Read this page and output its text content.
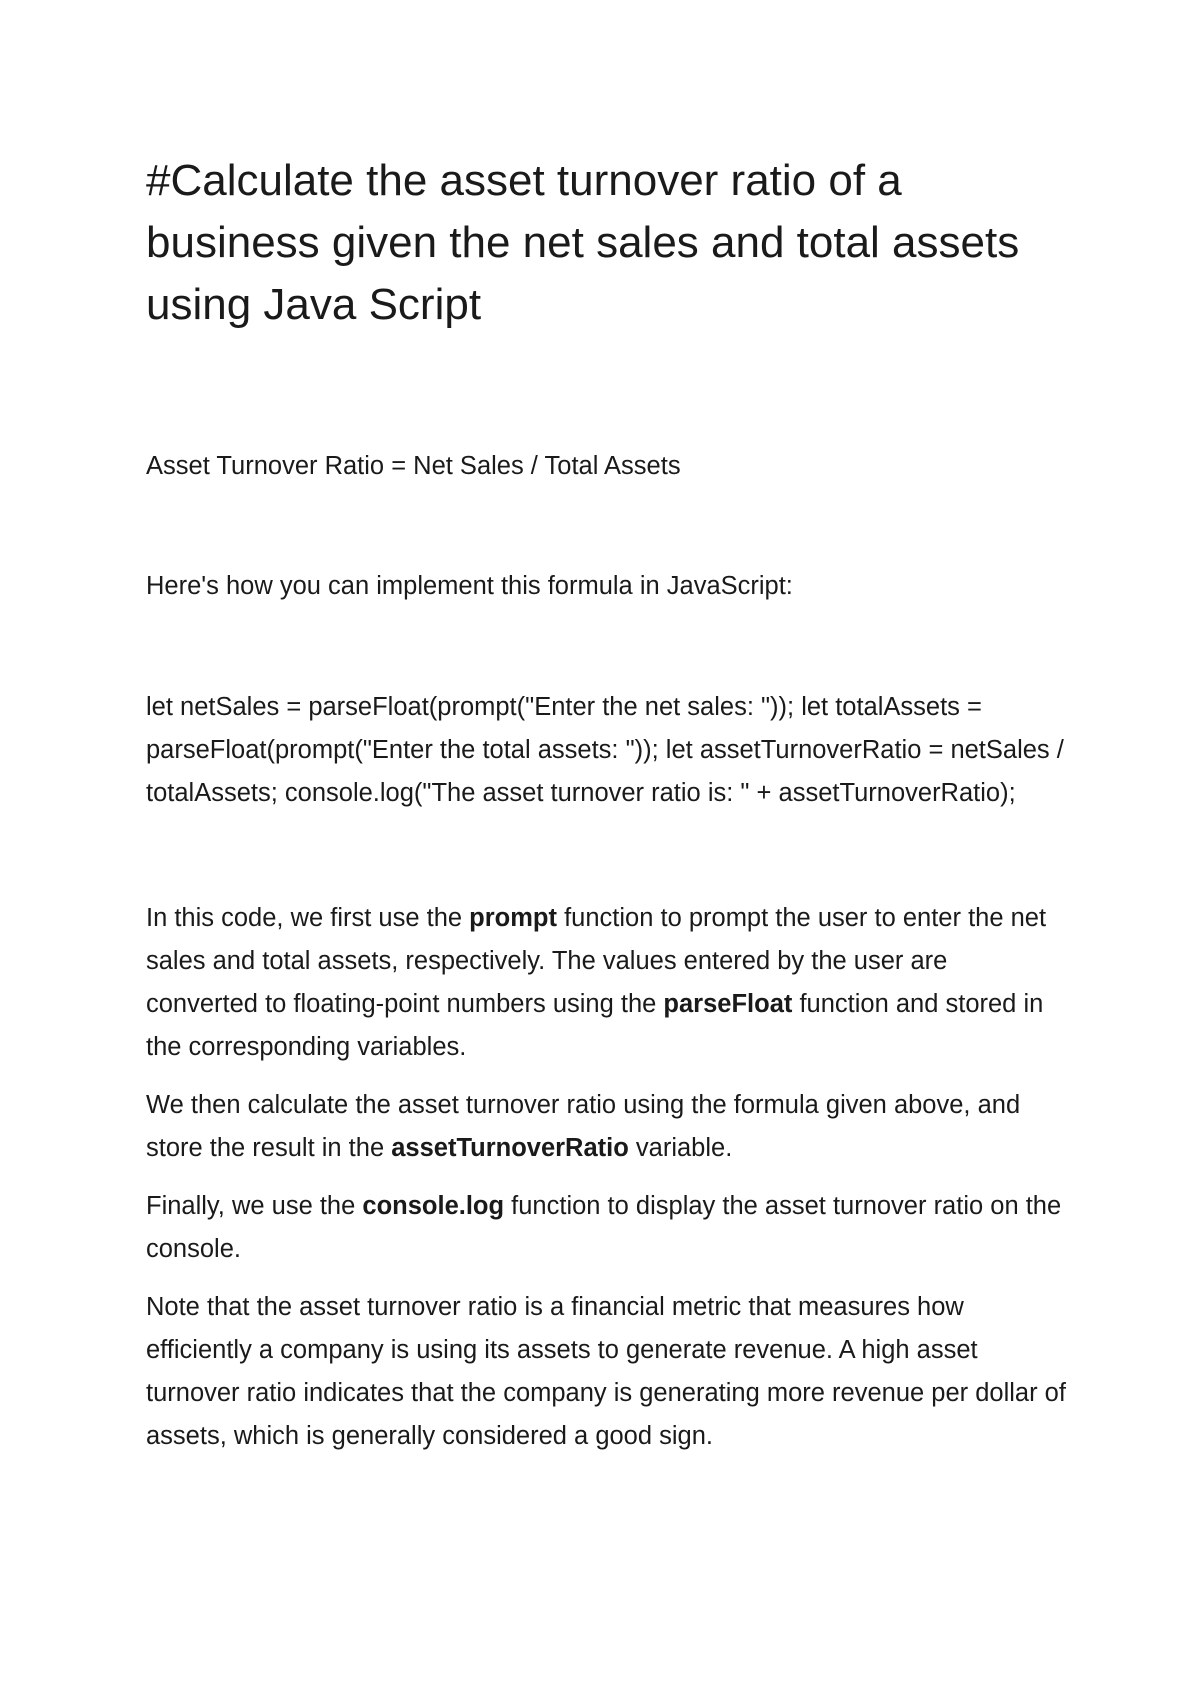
#Calculate the asset turnover ratio of a business given the net sales and total assets using Java Script

Asset Turnover Ratio = Net Sales / Total Assets

Here's how you can implement this formula in JavaScript:

let netSales = parseFloat(prompt("Enter the net sales: ")); let totalAssets = parseFloat(prompt("Enter the total assets: ")); let assetTurnoverRatio = netSales / totalAssets; console.log("The asset turnover ratio is: " + assetTurnoverRatio);

In this code, we first use the prompt function to prompt the user to enter the net sales and total assets, respectively. The values entered by the user are converted to floating-point numbers using the parseFloat function and stored in the corresponding variables.

We then calculate the asset turnover ratio using the formula given above, and store the result in the assetTurnoverRatio variable.

Finally, we use the console.log function to display the asset turnover ratio on the console.

Note that the asset turnover ratio is a financial metric that measures how efficiently a company is using its assets to generate revenue. A high asset turnover ratio indicates that the company is generating more revenue per dollar of assets, which is generally considered a good sign.
